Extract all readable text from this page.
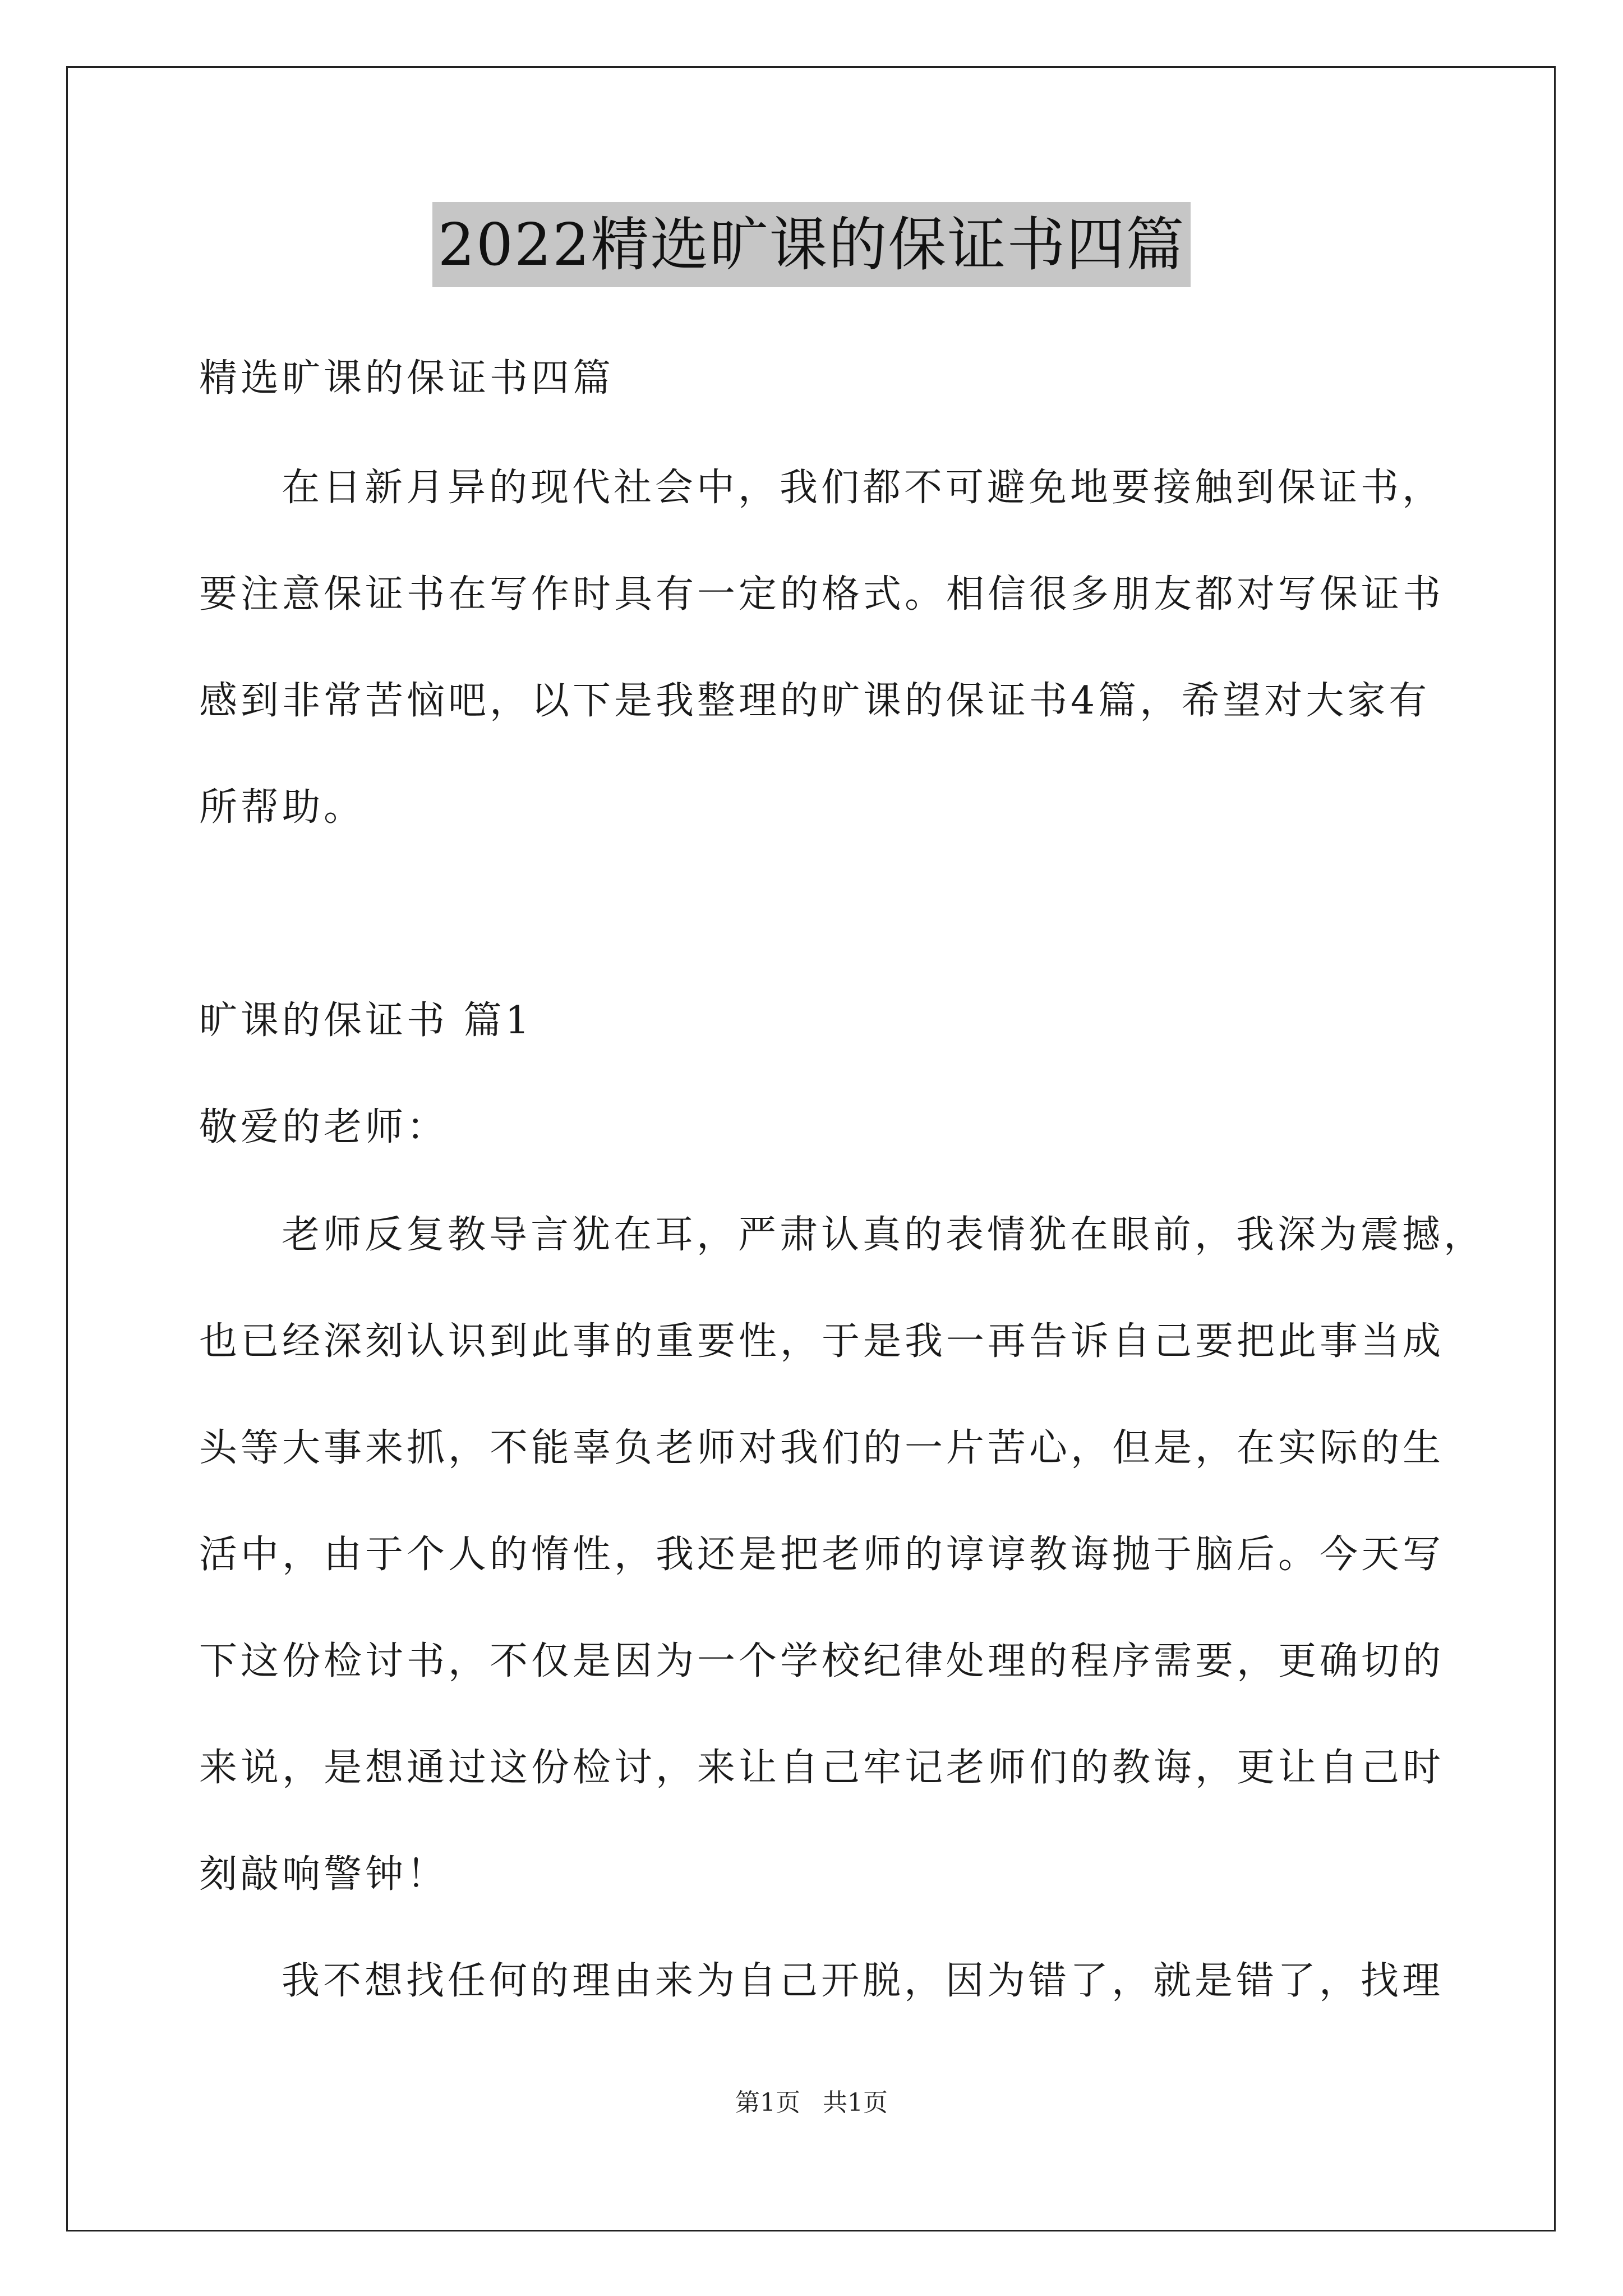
2022精选旷课的保证书四篇
精选旷课的保证书四篇
在日新月异的现代社会中，我们都不可避免地要接触到保证书，
要注意保证书在写作时具有一定的格式。相信很多朋友都对写保证书
感到非常苦恼吧，以下是我整理的旷课的保证书4篇，希望对大家有
所帮助。
旷课的保证书 篇1
敬爱的老师：
老师反复教导言犹在耳，严肃认真的表情犹在眼前，我深为震撼，
也已经深刻认识到此事的重要性，于是我一再告诉自己要把此事当成
头等大事来抓，不能辜负老师对我们的一片苦心，但是，在实际的生
活中，由于个人的惰性，我还是把老师的谆谆教诲抛于脑后。今天写
下这份检讨书，不仅是因为一个学校纪律处理的程序需要，更确切的
来说，是想通过这份检讨，来让自己牢记老师们的教诲，更让自己时
刻敲响警钟！
我不想找任何的理由来为自己开脱，因为错了，就是错了，找理
第1页 共1页
